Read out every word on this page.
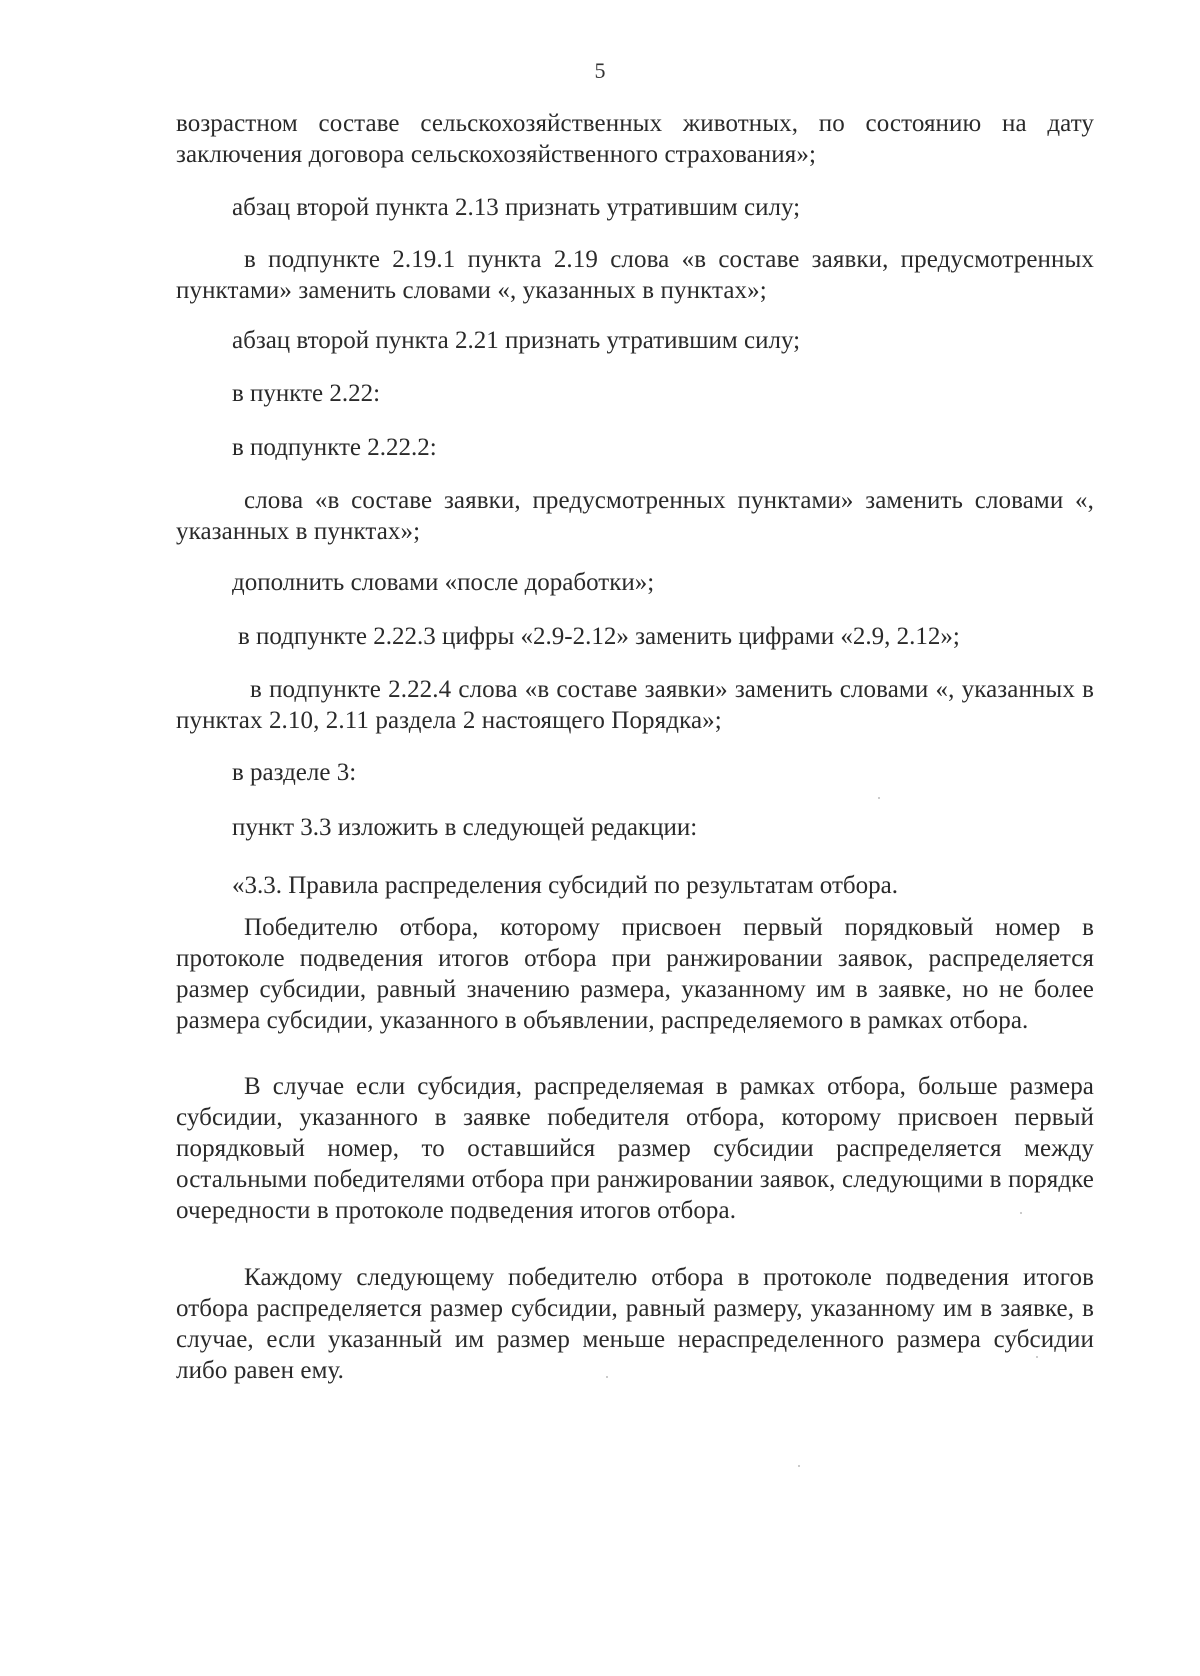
5
возрастном составе сельскохозяйственных животных, по состоянию на дату заключения договора сельскохозяйственного страхования»;
абзац второй пункта 2.13 признать утратившим силу;
в подпункте 2.19.1 пункта 2.19 слова «в составе заявки, предусмотренных пунктами» заменить словами «, указанных в пунктах»;
абзац второй пункта 2.21 признать утратившим силу;
в пункте 2.22:
в подпункте 2.22.2:
слова «в составе заявки, предусмотренных пунктами» заменить словами «, указанных в пунктах»;
дополнить словами «после доработки»;
в подпункте 2.22.3 цифры «2.9-2.12» заменить цифрами «2.9, 2.12»;
в подпункте 2.22.4 слова «в составе заявки» заменить словами «, указанных в пунктах 2.10, 2.11 раздела 2 настоящего Порядка»;
в разделе 3:
пункт 3.3 изложить в следующей редакции:
«3.3. Правила распределения субсидий по результатам отбора.
Победителю отбора, которому присвоен первый порядковый номер в протоколе подведения итогов отбора при ранжировании заявок, распределяется размер субсидии, равный значению размера, указанному им в заявке, но не более размера субсидии, указанного в объявлении, распределяемого в рамках отбора.
В случае если субсидия, распределяемая в рамках отбора, больше размера субсидии, указанного в заявке победителя отбора, которому присвоен первый порядковый номер, то оставшийся размер субсидии распределяется между остальными победителями отбора при ранжировании заявок, следующими в порядке очередности в протоколе подведения итогов отбора.
Каждому следующему победителю отбора в протоколе подведения итогов отбора распределяется размер субсидии, равный размеру, указанному им в заявке, в случае, если указанный им размер меньше нераспределенного размера субсидии либо равен ему.
